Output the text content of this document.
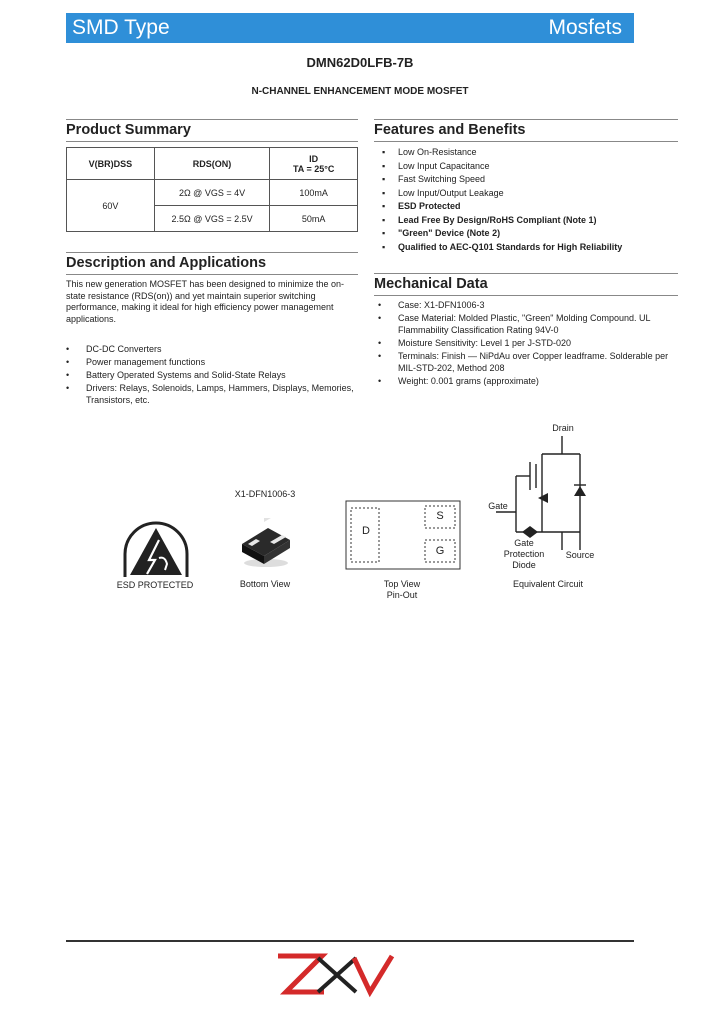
SMD Type	Mosfets
DMN62D0LFB-7B
N-CHANNEL ENHANCEMENT MODE MOSFET
Product Summary
V(BR)DSS	RDS(ON)	ID
TA = 25°C

60V	2Ω @ VGS = 4V	100mA
	2.5Ω @ VGS = 2.5V	50mA
Description and Applications
This new generation MOSFET has been designed to minimize the on-state resistance (RDS(on)) and yet maintain superior switching performance, making it ideal for high efficiency power management applications.
• DC-DC Converters
• Power management functions
• Battery Operated Systems and Solid-State Relays
• Drivers: Relays, Solenoids, Lamps, Hammers, Displays, Memories, Transistors, etc.
Features and Benefits
▪ Low On-Resistance
▪ Low Input Capacitance
▪ Fast Switching Speed
▪ Low Input/Output Leakage
▪ ESD Protected
▪ Lead Free By Design/RoHS Compliant (Note 1)
▪ "Green" Device (Note 2)
▪ Qualified to AEC-Q101 Standards for High Reliability
Mechanical Data
• Case: X1-DFN1006-3
• Case Material: Molded Plastic, "Green" Molding Compound. UL Flammability Classification Rating 94V-0
• Moisture Sensitivity: Level 1 per J-STD-020
• Terminals: Finish — NiPdAu over Copper leadframe. Solderable per MIL-STD-202, Method 208
• Weight: 0.001 grams (approximate)
X1-DFN1006-3
ESD PROTECTED	Bottom View
D
S
G
Top View
Pin-Out
Drain
Gate
Gate
Protection
Diode
Source
Equivalent Circuit
